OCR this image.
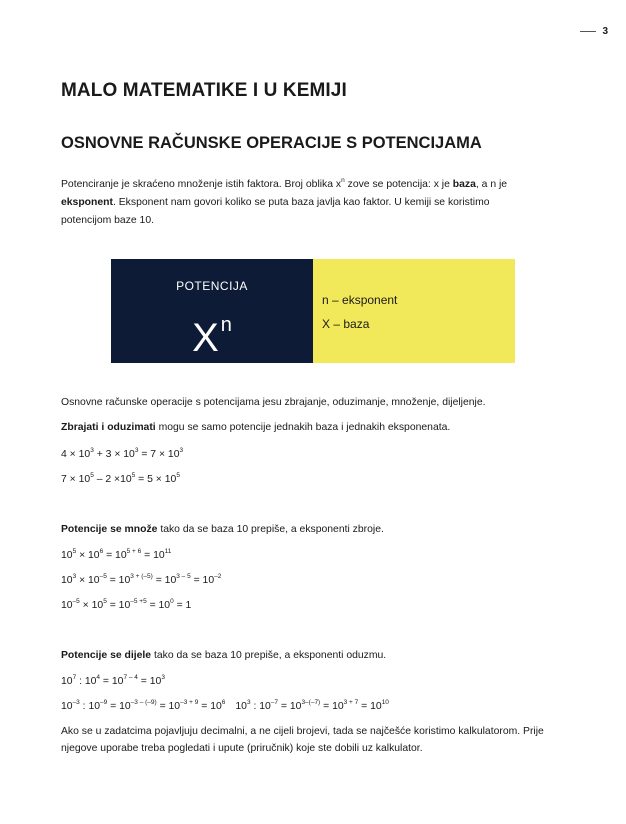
3
MALO MATEMATIKE I U KEMIJI
OSNOVNE RAČUNSKE OPERACIJE S POTENCIJAMA

Potenciranje je skraćeno množenje istih faktora. Broj oblika $x^n$ zove se potencija: x je baza, a n je eksponent. Eksponent nam govori koliko se puta baza javlja kao faktor. U kemiji se koristimo potencijom baze 10.

POTENCIJA
X $^n$
n – eksponent
X – baza

Osnovne računske operacije s potencijama jesu zbrajanje, oduzimanje, množenje, dijeljenje.

Zbrajati i oduzimati mogu se samo potencije jednakih baza i jednakih eksponenata.

$4 \times 10^3 + 3 \times 10^3 = 7 \times 10^3$

$7 \times 10^5 - 2 \times 10^5 = 5 \times 10^5$

Potencije se množe tako da se baza 10 prepiše, a eksponenti zbroje.

$10^5 \times 10^6 = 10^{5 + 6} = 10^{11}$

$10^3 \times 10^{-5} = 10^{3 + (-5)} = 10^{3 - 5} = 10^{-2}$

$10^{-5} \times 10^5 = 10^{-5 +5} = 10^0 = 1$

Potencije se dijele tako da se baza 10 prepiše, a eksponenti oduzmu.

$10^7$ : $10^4 = 10^{7 - 4} = 10^3$

$10^{-3}$ : $10^{-9} = 10^{-3 - (-9)} = 10^{-3 + 9} = 10^6$ $10^3$ : $10^{-7} = 10^{3-(-7)} = 10^{3 + 7} = 10^{10}$

Ako se u zadatcima pojavljuju decimalni, a ne cijeli brojevi, tada se najčešće koristimo kalkulatorom. Prije njegove uporabe treba pogledati i upute (priručnik) koje ste dobili uz kalkulator.
